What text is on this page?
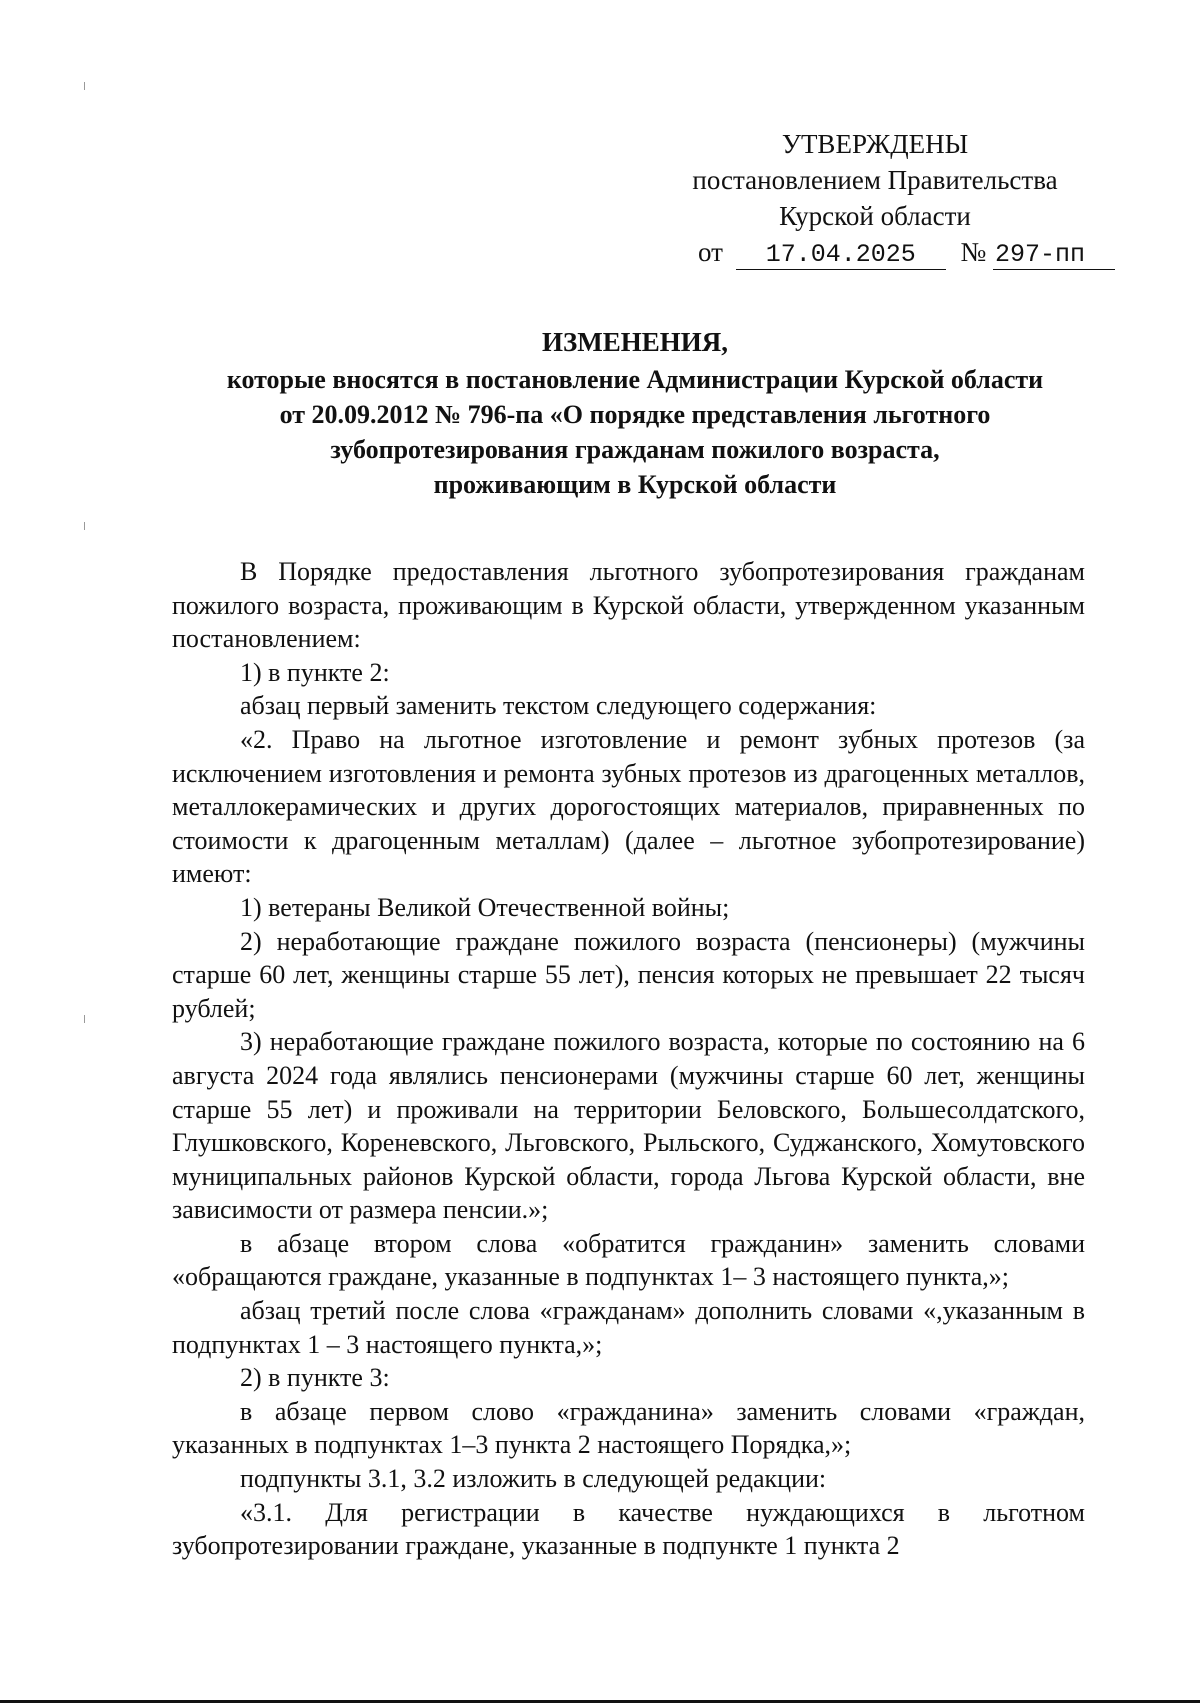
УТВЕРЖДЕНЫ
постановлением Правительства
Курской области
от 17.04.2025 № 297-пп
ИЗМЕНЕНИЯ,
которые вносятся в постановление Администрации Курской области
от 20.09.2012 № 796-па «О порядке представления льготного
зубопротезирования гражданам пожилого возраста,
проживающим в Курской области

В Порядке предоставления льготного зубопротезирования гражданам пожилого возраста, проживающим в Курской области, утвержденном указанным постановлением:

1) в пункте 2:

абзац первый заменить текстом следующего содержания:

«2. Право на льготное изготовление и ремонт зубных протезов (за исключением изготовления и ремонта зубных протезов из драгоценных металлов, металлокерамических и других дорогостоящих материалов, приравненных по стоимости к драгоценным металлам) (далее – льготное зубопротезирование) имеют:

1) ветераны Великой Отечественной войны;

2) неработающие граждане пожилого возраста (пенсионеры) (мужчины старше 60 лет, женщины старше 55 лет), пенсия которых не превышает 22 тысяч рублей;

3) неработающие граждане пожилого возраста, которые по состоянию на 6 августа 2024 года являлись пенсионерами (мужчины старше 60 лет, женщины старше 55 лет) и проживали на территории Беловского, Большесолдатского, Глушковского, Кореневского, Льговского, Рыльского, Суджанского, Хомутовского муниципальных районов Курской области, города Льгова Курской области, вне зависимости от размера пенсии.»;

в абзаце втором слова «обратится гражданин» заменить словами «обращаются граждане, указанные в подпунктах 1– 3 настоящего пункта,»;

абзац третий после слова «гражданам» дополнить словами «,указанным в подпунктах 1 – 3 настоящего пункта,»;

2) в пункте 3:

в абзаце первом слово «гражданина» заменить словами «граждан, указанных в подпунктах 1–3 пункта 2 настоящего Порядка,»;

подпункты 3.1, 3.2 изложить в следующей редакции:

«3.1. Для регистрации в качестве нуждающихся в льготном зубопротезировании граждане, указанные в подпункте 1 пункта 2
